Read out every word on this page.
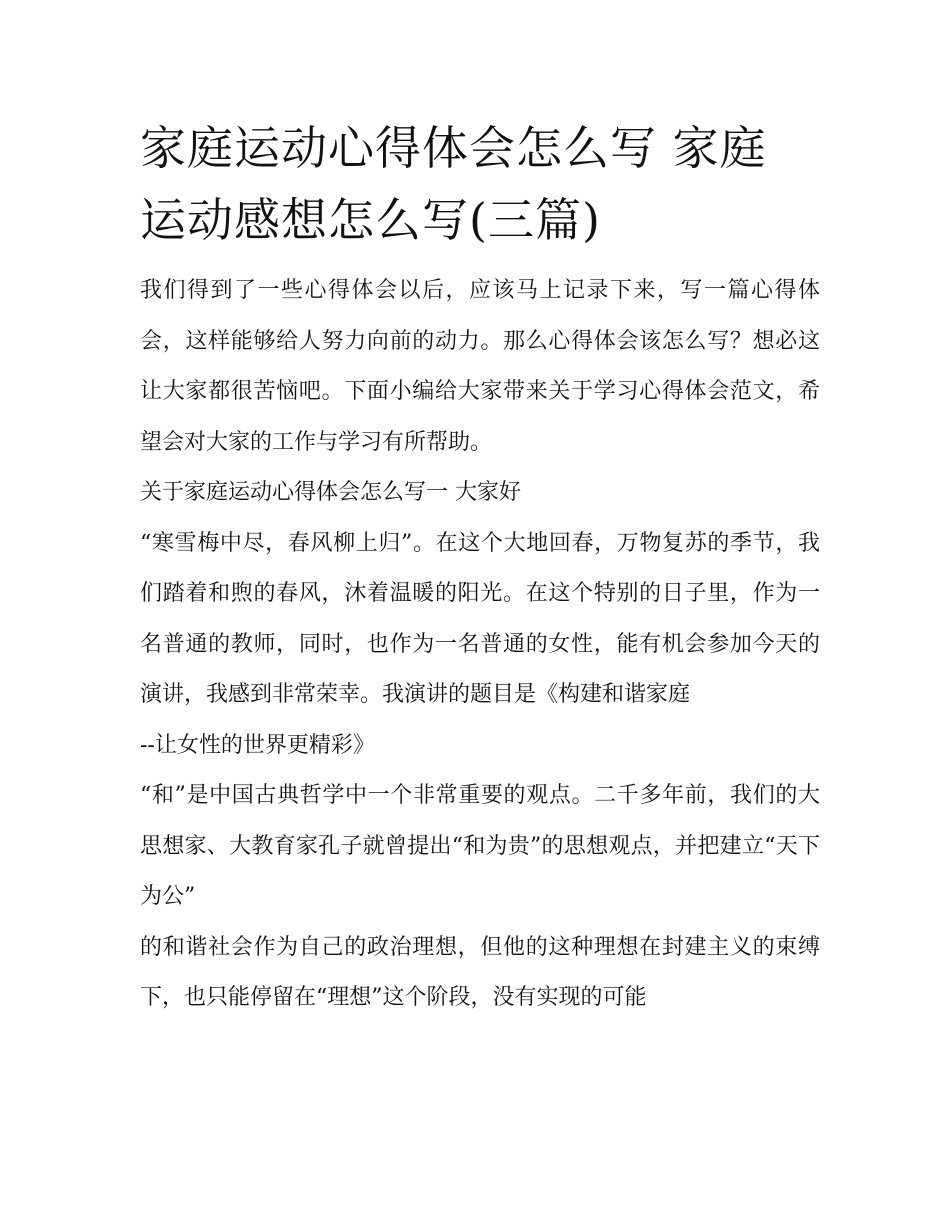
家庭运动心得体会怎么写 家庭
运动感想怎么写(三篇)

我们得到了一些心得体会以后，应该马上记录下来，写一篇心得体会，这样能够给人努力向前的动力。那么心得体会该怎么写？想必这让大家都很苦恼吧。下面小编给大家带来关于学习心得体会范文，希望会对大家的工作与学习有所帮助。

关于家庭运动心得体会怎么写一 大家好

“寒雪梅中尽，春风柳上归”。在这个大地回春，万物复苏的季节，我们踏着和煦的春风，沐着温暖的阳光。在这个特别的日子里，作为一名普通的教师，同时，也作为一名普通的女性，能有机会参加今天的演讲，我感到非常荣幸。我演讲的题目是《构建和谐家庭

--让女性的世界更精彩》

“和”是中国古典哲学中一个非常重要的观点。二千多年前，我们的大思想家、大教育家孔子就曾提出“和为贵”的思想观点，并把建立“天下为公”

的和谐社会作为自己的政治理想，但他的这种理想在封建主义的束缚下，也只能停留在“理想”这个阶段，没有实现的可能
